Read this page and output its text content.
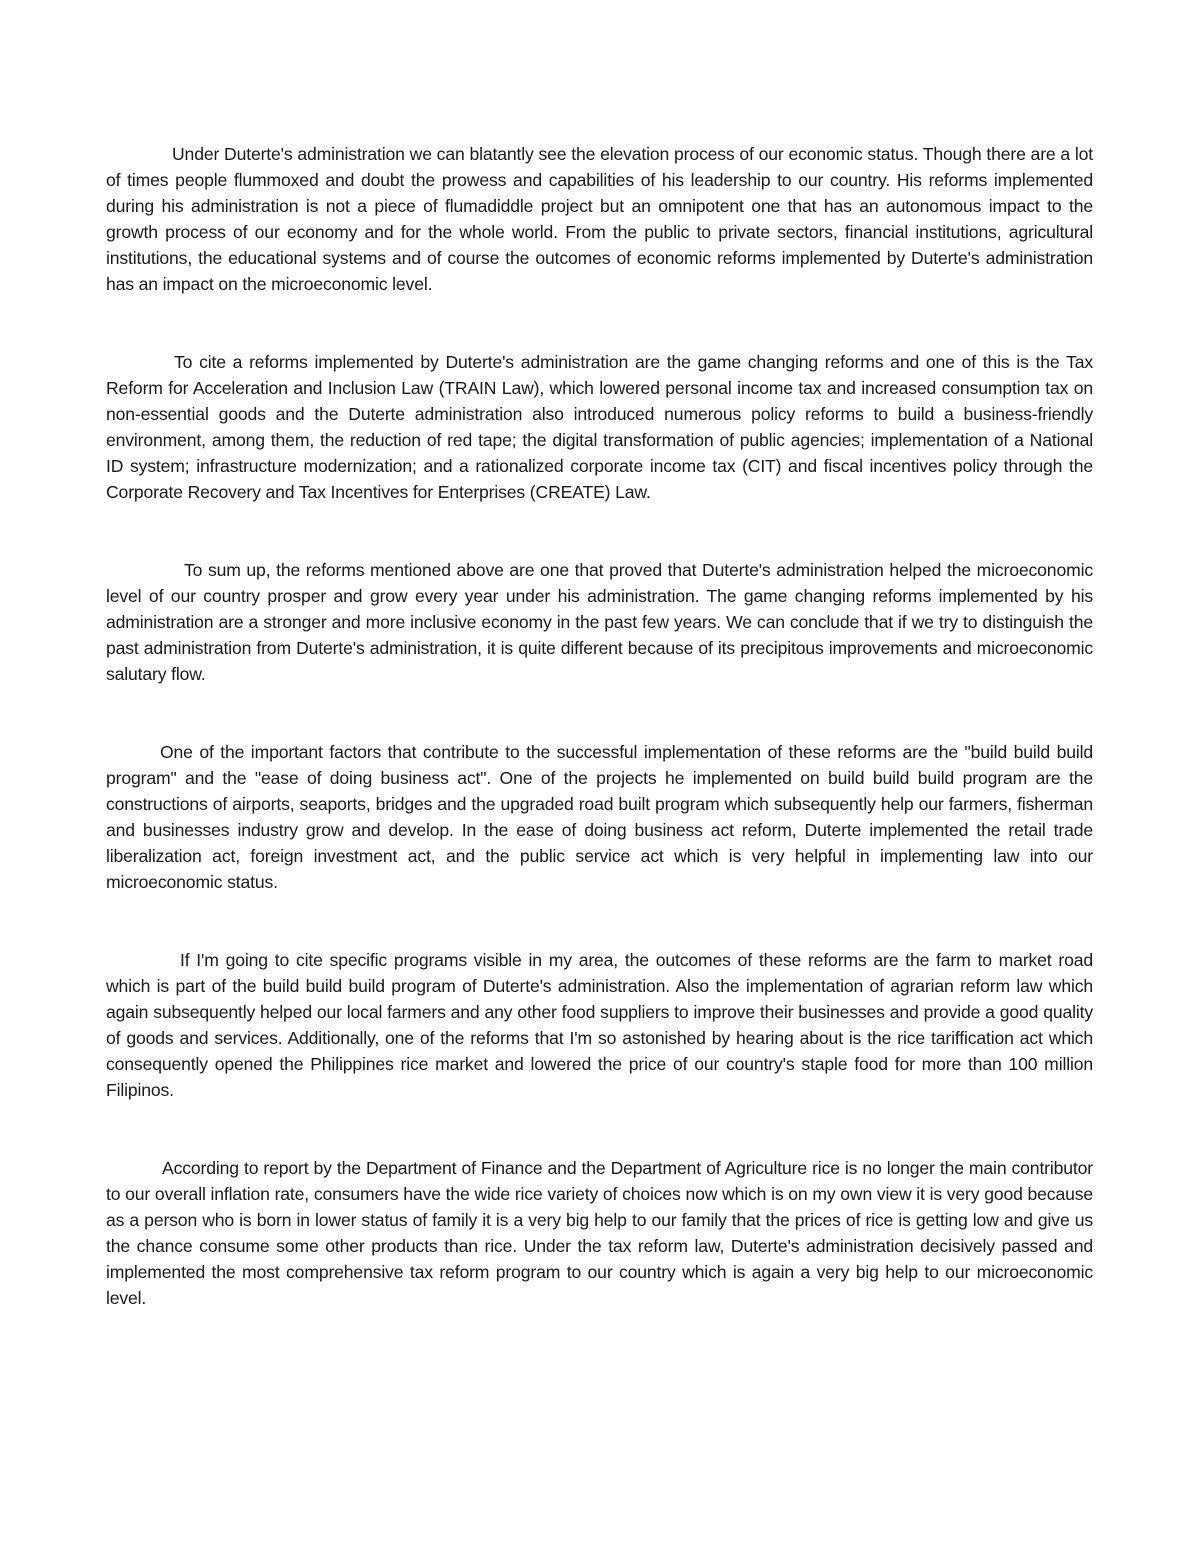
Under Duterte's administration we can blatantly see the elevation process of our economic status. Though there are a lot of times people flummoxed and doubt the prowess and capabilities of his leadership to our country. His reforms implemented during his administration is not a piece of flumadiddle project but an omnipotent one that has an autonomous impact to the growth process of our economy and for the whole world. From the public to private sectors, financial institutions, agricultural institutions, the educational systems and of course the outcomes of economic reforms implemented by Duterte's administration has an impact on the microeconomic level.

To cite a reforms implemented by Duterte's administration are the game changing reforms and one of this is the Tax Reform for Acceleration and Inclusion Law (TRAIN Law), which lowered personal income tax and increased consumption tax on non-essential goods and the Duterte administration also introduced numerous policy reforms to build a business-friendly environment, among them, the reduction of red tape; the digital transformation of public agencies; implementation of a National ID system; infrastructure modernization; and a rationalized corporate income tax (CIT) and fiscal incentives policy through the Corporate Recovery and Tax Incentives for Enterprises (CREATE) Law.

To sum up, the reforms mentioned above are one that proved that Duterte's administration helped the microeconomic level of our country prosper and grow every year under his administration. The game changing reforms implemented by his administration are a stronger and more inclusive economy in the past few years. We can conclude that if we try to distinguish the past administration from Duterte's administration, it is quite different because of its precipitous improvements and microeconomic salutary flow.

One of the important factors that contribute to the successful implementation of these reforms are the "build build build program" and the "ease of doing business act". One of the projects he implemented on build build build program are the constructions of airports, seaports, bridges and the upgraded road built program which subsequently help our farmers, fisherman and businesses industry grow and develop. In the ease of doing business act reform, Duterte implemented the retail trade liberalization act, foreign investment act, and the public service act which is very helpful in implementing law into our microeconomic status.

If I'm going to cite specific programs visible in my area, the outcomes of these reforms are the farm to market road which is part of the build build build program of Duterte's administration. Also the implementation of agrarian reform law which again subsequently helped our local farmers and any other food suppliers to improve their businesses and provide a good quality of goods and services. Additionally, one of the reforms that I'm so astonished by hearing about is the rice tariffication act which consequently opened the Philippines rice market and lowered the price of our country's staple food for more than 100 million Filipinos.

According to report by the Department of Finance and the Department of Agriculture rice is no longer the main contributor to our overall inflation rate, consumers have the wide rice variety of choices now which is on my own view it is very good because as a person who is born in lower status of family it is a very big help to our family that the prices of rice is getting low and give us the chance consume some other products than rice. Under the tax reform law, Duterte's administration decisively passed and implemented the most comprehensive tax reform program to our country which is again a very big help to our microeconomic level.
